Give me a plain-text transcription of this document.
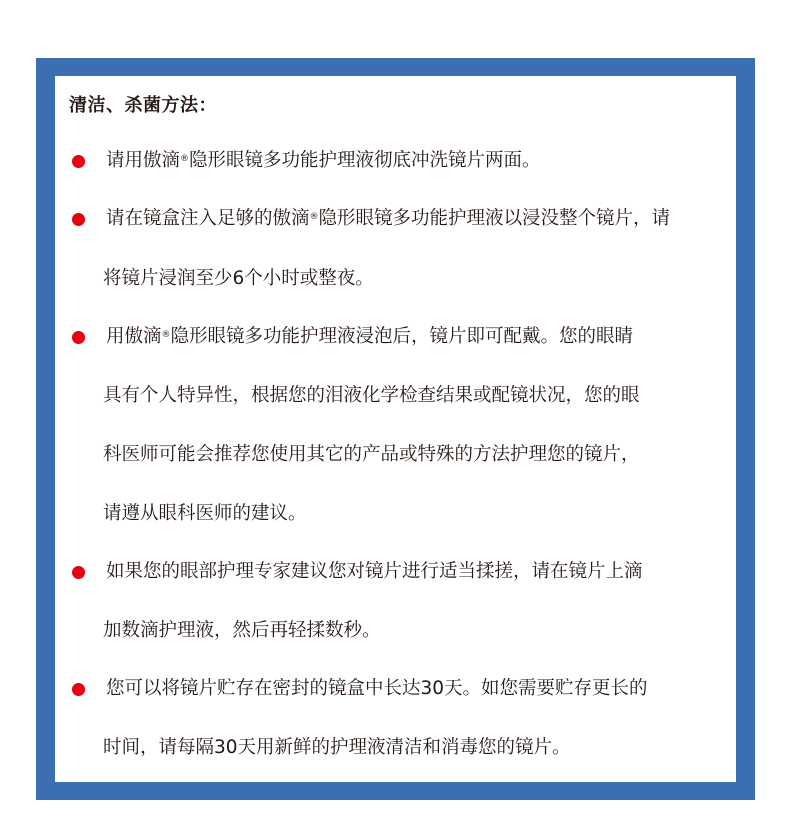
清洁、杀菌方法：
请用傲滴®隐形眼镜多功能护理液彻底冲洗镜片两面。
请在镜盒注入足够的傲滴®隐形眼镜多功能护理液以浸没整个镜片，请
将镜片浸润至少6个小时或整夜。
用傲滴®隐形眼镜多功能护理液浸泡后，镜片即可配戴。您的眼睛
具有个人特异性，根据您的泪液化学检查结果或配镜状况，您的眼
科医师可能会推荐您使用其它的产品或特殊的方法护理您的镜片，
请遵从眼科医师的建议。
如果您的眼部护理专家建议您对镜片进行适当揉搓，请在镜片上滴
加数滴护理液，然后再轻揉数秒。
您可以将镜片贮存在密封的镜盒中长达30天。如您需要贮存更长的
时间，请每隔30天用新鲜的护理液清洁和消毒您的镜片。
